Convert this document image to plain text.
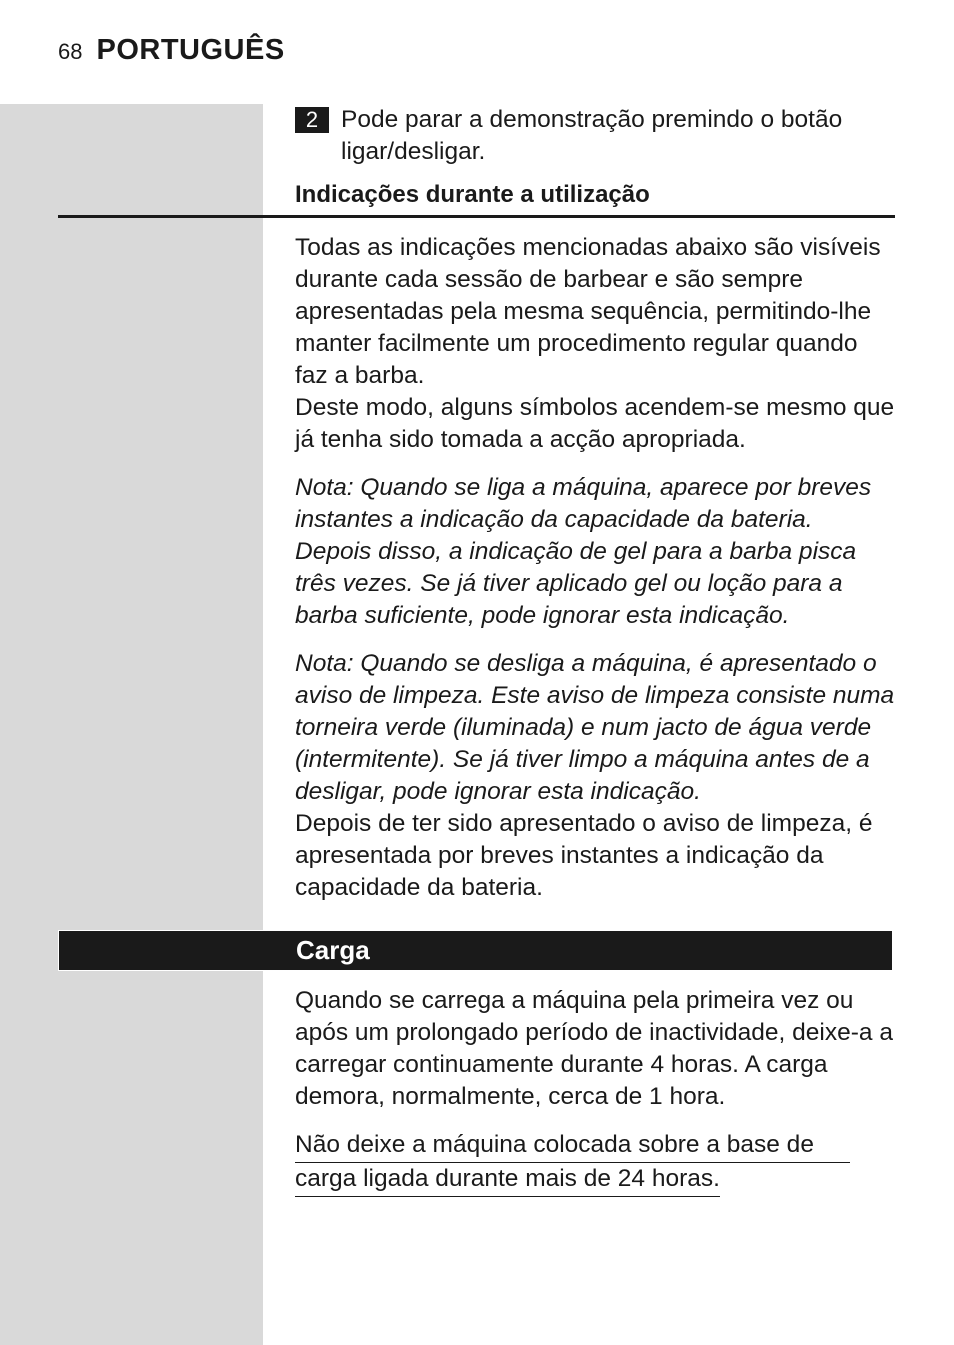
68 PORTUGUÊS
2 Pode parar a demonstração premindo o botão ligar/desligar.

Indicações durante a utilização

Todas as indicações mencionadas abaixo são visíveis durante cada sessão de barbear e são sempre apresentadas pela mesma sequência, permitindo-lhe manter facilmente um procedimento regular quando faz a barba.

Deste modo, alguns símbolos acendem-se mesmo que já tenha sido tomada a acção apropriada.

Nota: Quando se liga a máquina, aparece por breves instantes a indicação da capacidade da bateria. Depois disso, a indicação de gel para a barba pisca três vezes. Se já tiver aplicado gel ou loção para a barba suficiente, pode ignorar esta indicação.

Nota: Quando se desliga a máquina, é apresentado o aviso de limpeza. Este aviso de limpeza consiste numa torneira verde (iluminada) e num jacto de água verde (intermitente). Se já tiver limpo a máquina antes de a desligar, pode ignorar esta indicação.

Depois de ter sido apresentado o aviso de limpeza, é apresentada por breves instantes a indicação da capacidade da bateria.

Carga

Quando se carrega a máquina pela primeira vez ou após um prolongado período de inactividade, deixe-a a carregar continuamente durante 4 horas. A carga demora, normalmente, cerca de 1 hora.

Não deixe a máquina colocada sobre a base de
carga ligada durante mais de 24 horas.
